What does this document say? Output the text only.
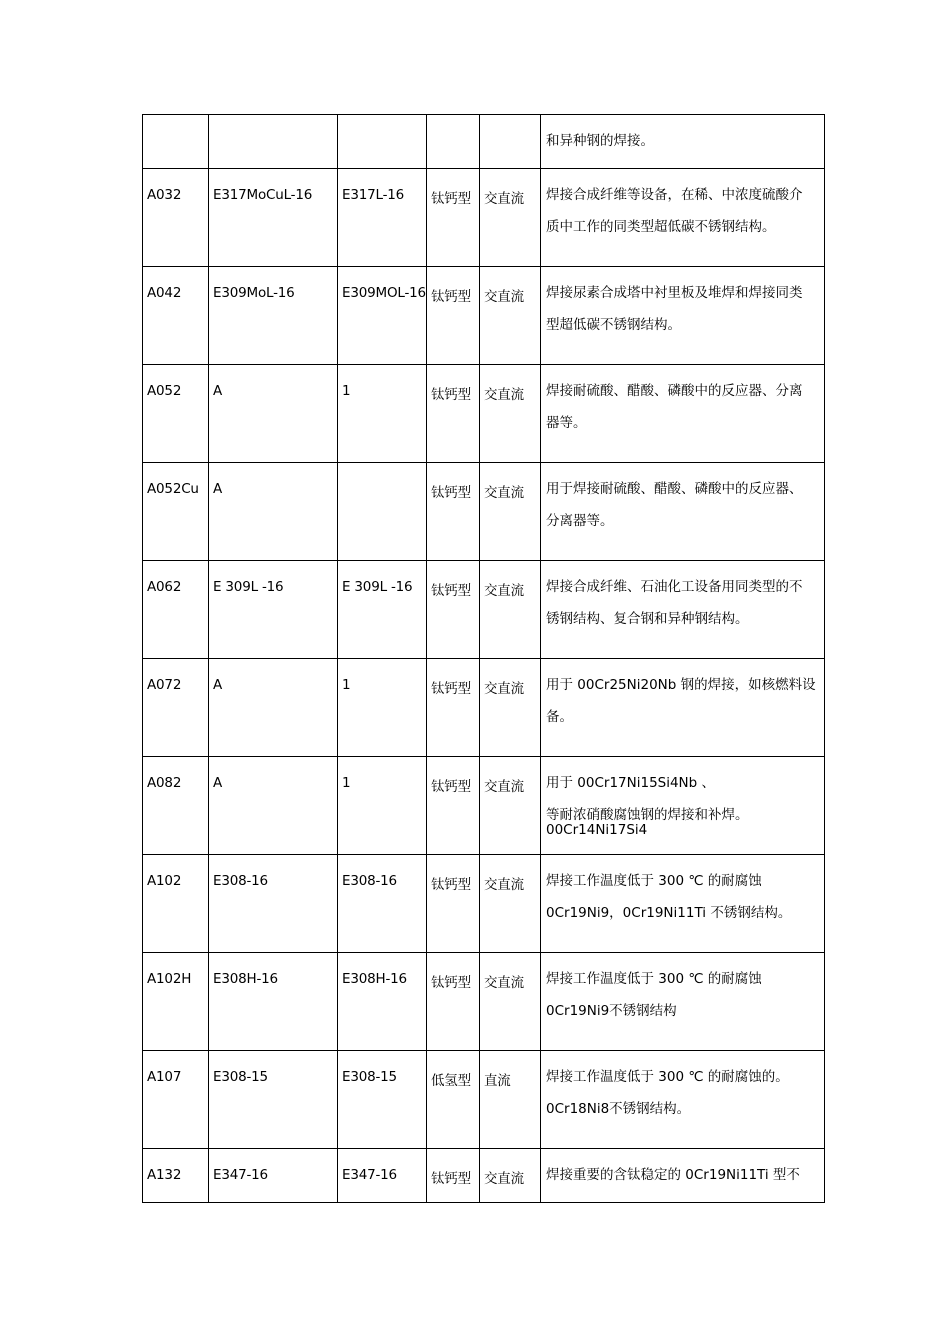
					和异种钢的焊接。

A032	E317MoCuL-16	E317L-16	钛钙型	交直流	焊接合成纤维等设备，在稀、中浓度硫酸介
质中工作的同类型超低碳不锈钢结构。

A042	E309MoL-16	E309MOL-16	钛钙型	交直流	焊接尿素合成塔中衬里板及堆焊和焊接同类
型超低碳不锈钢结构。

A052	A	1	钛钙型	交直流	焊接耐硫酸、醋酸、磷酸中的反应器、分离
器等。

A052Cu	A		钛钙型	交直流	用于焊接耐硫酸、醋酸、磷酸中的反应器、
分离器等。

A062	E 309L -16	E 309L -16	钛钙型	交直流	焊接合成纤维、石油化工设备用同类型的不
锈钢结构、复合钢和异种钢结构。

A072	A	1	钛钙型	交直流	用于 00Cr25Ni20Nb 钢的焊接，如核燃料设
备。

A082	A	1	钛钙型	交直流	用于 00Cr17Ni15Si4Nb 、 00Cr14Ni17Si4
等耐浓硝酸腐蚀钢的焊接和补焊。

A102	E308-16	E308-16	钛钙型	交直流	焊接工作温度低于 300 ℃ 的耐腐蚀
0Cr19Ni9，0Cr19Ni11Ti 不锈钢结构。

A102H	E308H-16	E308H-16	钛钙型	交直流	焊接工作温度低于 300 ℃ 的耐腐蚀
0Cr19Ni9不锈钢结构

A107	E308-15	E308-15	低氢型	直流	焊接工作温度低于 300 ℃ 的耐腐蚀的。
0Cr18Ni8不锈钢结构。

A132	E347-16	E347-16	钛钙型	交直流	焊接重要的含钛稳定的 0Cr19Ni11Ti 型不
